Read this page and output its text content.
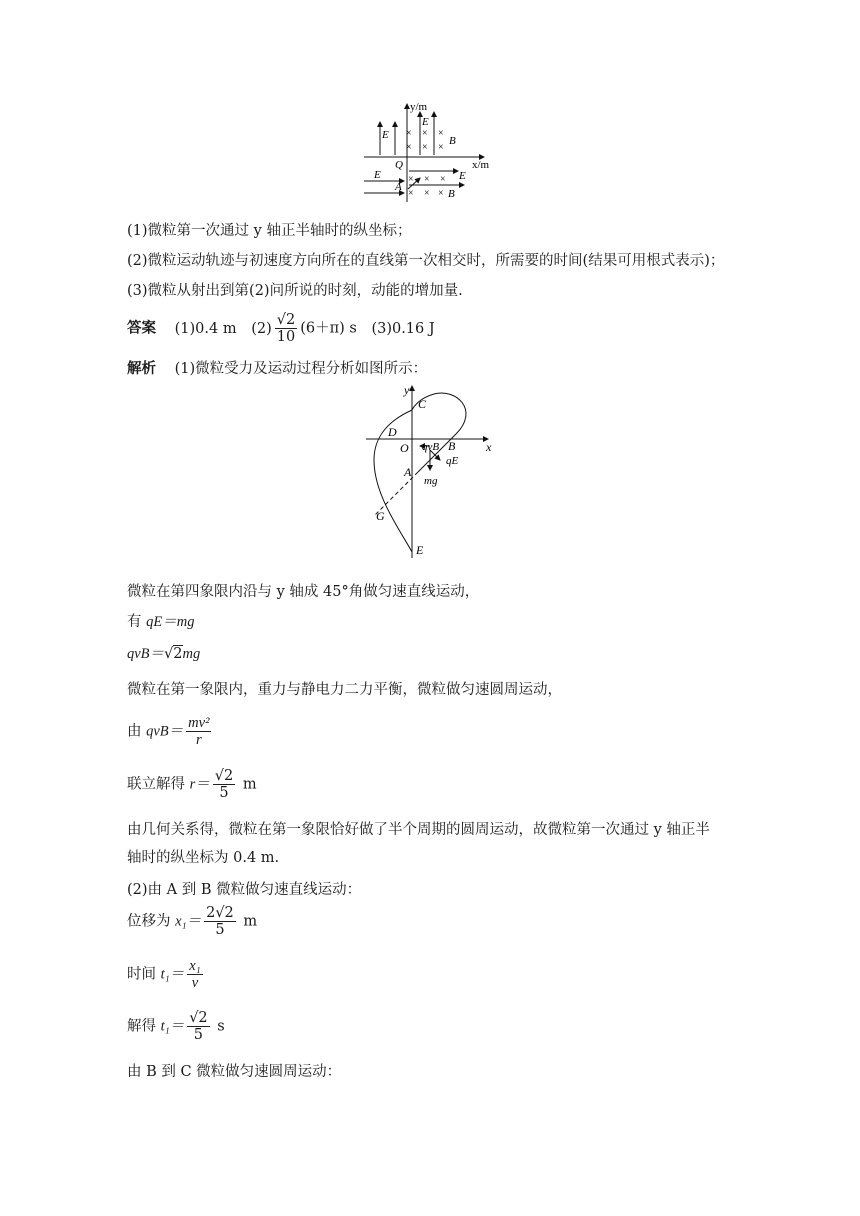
y/m
x/m
E
E
× × ×
× × ×
B
Q
E
A
E
× × ×
× × × B
(1)微粒第一次通过 y 轴正半轴时的纵坐标；
(2)微粒运动轨迹与初速度方向所在的直线第一次相交时，所需要的时间(结果可用根式表示)；
(3)微粒从射出到第(2)问所说的时刻，动能的增加量.
答案 (1)0.4 m $(2) \frac{√2}{10} (6+\pi)$ s (3)0.16 J
解析 (1)微粒受力及运动过程分析如图所示：
y
x
C
D
O qvB B
qE
A
mg
G
E
微粒在第四象限内沿与 y 轴成 45°角做匀速直线运动，
有 qE＝mg
qvB＝√2mg
微粒在第一象限内，重力与静电力二力平衡，微粒做匀速圆周运动，
由 $qvB= \frac{\text{mv²}}{r}$
联立解得 $r= \frac{√2}{5}$ m
由几何关系得，微粒在第一象限恰好做了半个周期的圆周运动，故微粒第一次通过 y 轴正半
轴时的纵坐标为 0.4 m.
(2)由 A 到 B 微粒做匀速直线运动：
位移为 $x_1= \frac{2√2}{5}$ m
时间 $t_1= \frac{\text{x₁}}{v}$
解得 $t_1= \frac{√2}{5}$ s
由 B 到 C 微粒做匀速圆周运动：
